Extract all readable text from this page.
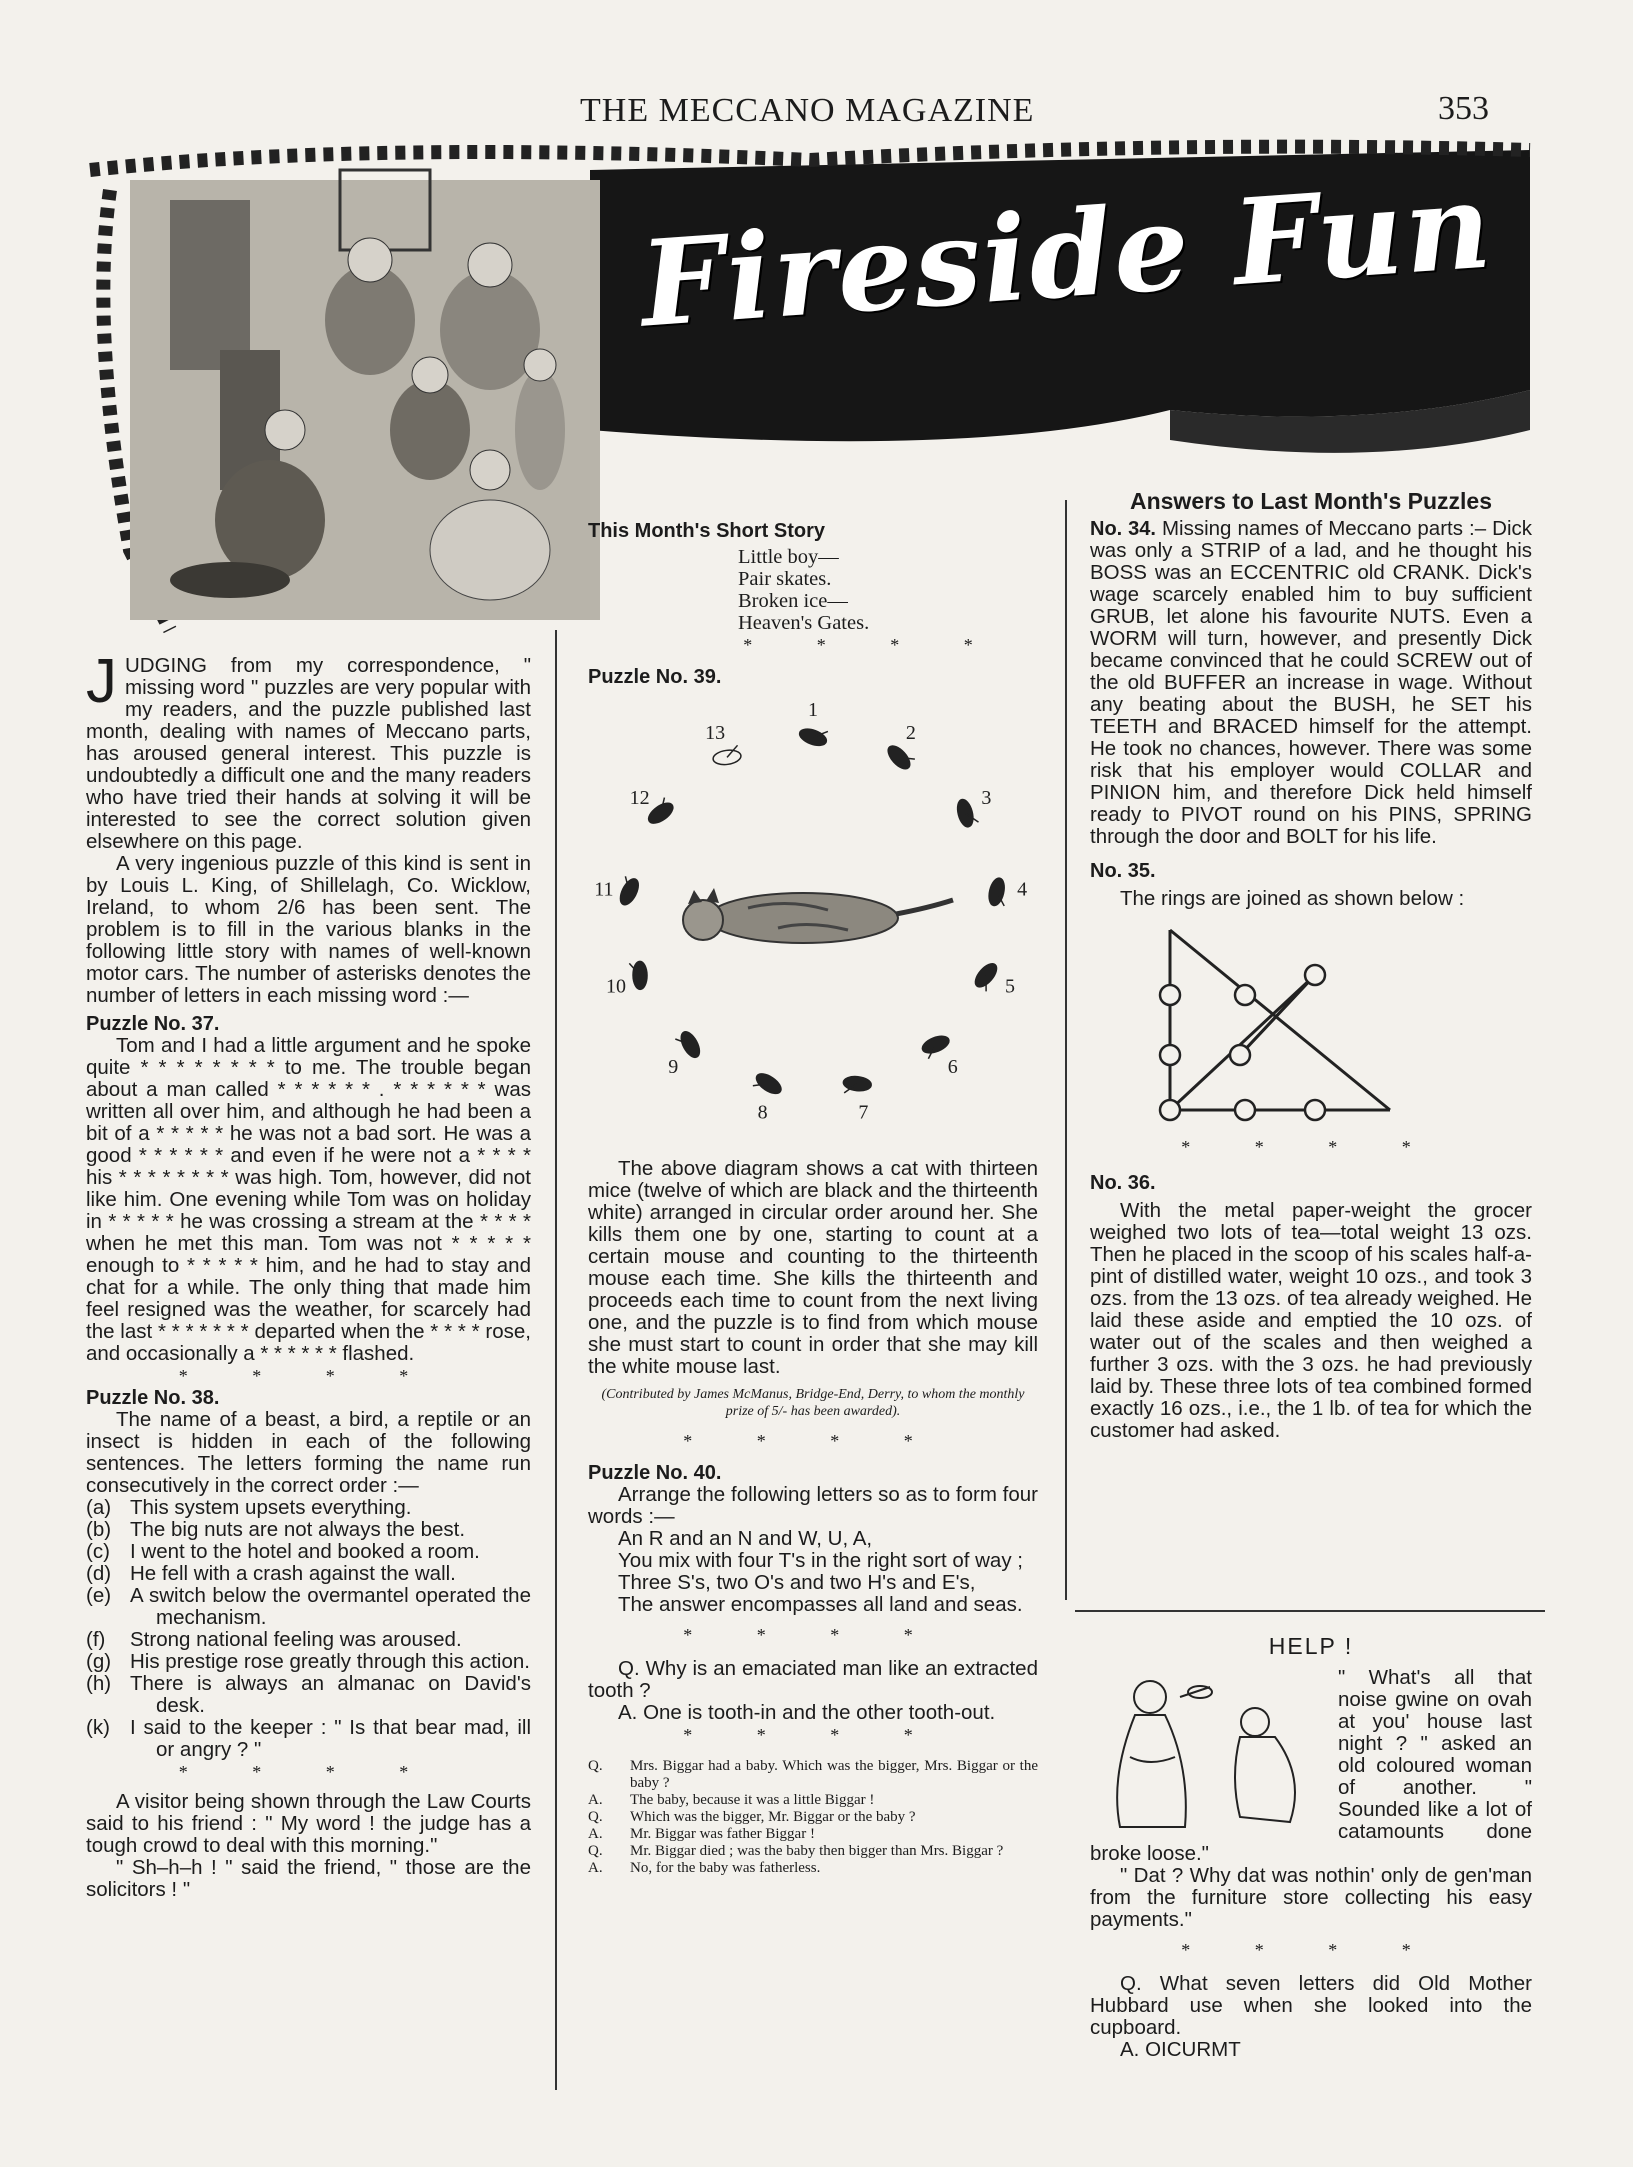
THE MECCANO MAGAZINE	353
Fireside Fun

JUDGING from my correspondence, " missing word " puzzles are very popular with my readers, and the puzzle published last month, dealing with names of Meccano parts, has aroused general interest. This puzzle is undoubtedly a difficult one and the many readers who have tried their hands at solving it will be interested to see the correct solution given elsewhere on this page.

A very ingenious puzzle of this kind is sent in by Louis L. King, of Shillelagh, Co. Wicklow, Ireland, to whom 2/6 has been sent. The problem is to fill in the various blanks in the following little story with names of well-known motor cars. The number of asterisks denotes the number of letters in each missing word :—

Puzzle No. 37.

Tom and I had a little argument and he spoke quite * * * * * * * * to me. The trouble began about a man called * * * * * * . * * * * * * was written all over him, and although he had been a bit of a * * * * * he was not a bad sort. He was a good * * * * * * and even if he were not a * * * * his * * * * * * * * was high. Tom, however, did not like him. One evening while Tom was on holiday in * * * * * he was crossing a stream at the * * * * when he met this man. Tom was not * * * * * enough to * * * * * him, and he had to stay and chat for a while. The only thing that made him feel resigned was the weather, for scarcely had the last * * * * * * * departed when the * * * * rose, and occasionally a * * * * * * flashed.

* * * *

Puzzle No. 38.

The name of a beast, a bird, a reptile or an insect is hidden in each of the following sentences. The letters forming the name run consecutively in the correct order :—

(a) This system upsets everything.

(b) The big nuts are not always the best.

(c) I went to the hotel and booked a room.

(d) He fell with a crash against the wall.

(e) A switch below the overmantel operated the mechanism.

(f) Strong national feeling was aroused.

(g) His prestige rose greatly through this action.

(h) There is always an almanac on David's desk.

(k) I said to the keeper : " Is that bear mad, ill or angry ? "

* * * *

A visitor being shown through the Law Courts said to his friend : " My word ! the judge has a tough crowd to deal with this morning."

" Sh–h–h ! " said the friend, " those are the solicitors ! "

This Month's Short Story

Little boy—

Pair skates.

Broken ice—

Heaven's Gates.

* * * *

Puzzle No. 39.

1
2
3
4
5
6
7
8
9
10
11
12
13

The above diagram shows a cat with thirteen mice (twelve of which are black and the thirteenth white) arranged in circular order around her. She kills them one by one, starting to count at a certain mouse and counting to the thirteenth mouse each time. She kills the thirteenth and proceeds each time to count from the next living one, and the puzzle is to find from which mouse she must start to count in order that she may kill the white mouse last.

(Contributed by James McManus, Bridge-End, Derry, to whom the monthly prize of 5/- has been awarded).

* * * *

Puzzle No. 40.

Arrange the following letters so as to form four words :—

An R and an N and W, U, A,

You mix with four T's in the right sort of way ;

Three S's, two O's and two H's and E's,

The answer encompasses all land and seas.

* * * *

Q. Why is an emaciated man like an extracted tooth ?

A. One is tooth-in and the other tooth-out.

* * * *

Q.	Mrs. Biggar had a baby. Which was the bigger, Mrs. Biggar or the baby ?
A.	The baby, because it was a little Biggar !
Q.	Which was the bigger, Mr. Biggar or the baby ?
A.	Mr. Biggar was father Biggar !
Q.	Mr. Biggar died ; was the baby then bigger than Mrs. Biggar ?
A.	No, for the baby was fatherless.

Answers to Last Month's Puzzles

No. 34. Missing names of Meccano parts :– Dick was only a STRIP of a lad, and he thought his BOSS was an ECCENTRIC old CRANK. Dick's wage scarcely enabled him to buy sufficient GRUB, let alone his favourite NUTS. Even a WORM will turn, however, and presently Dick became convinced that he could SCREW out of the old BUFFER an increase in wage. Without any beating about the BUSH, he SET his TEETH and BRACED himself for the attempt. He took no chances, however. There was some risk that his employer would COLLAR and PINION him, and therefore Dick held himself ready to PIVOT round on his PINS, SPRING through the door and BOLT for his life.

No. 35.

The rings are joined as shown below :

* * * *

No. 36.

With the metal paper-weight the grocer weighed two lots of tea—total weight 13 ozs. Then he placed in the scoop of his scales half-a-pint of distilled water, weight 10 ozs., and took 3 ozs. from the 13 ozs. of tea already weighed. He laid these aside and emptied the 10 ozs. of water out of the scales and then weighed a further 3 ozs. with the 3 ozs. he had previously laid by. These three lots of tea combined formed exactly 16 ozs., i.e., the 1 lb. of tea for which the customer had asked.

HELP !

" What's all that noise gwine on ovah at you' house last night ? " asked an old coloured woman of another. " Sounded like a lot of catamounts done broke loose."

" Dat ? Why dat was nothin' only de gen'man from the furniture store collecting his easy payments."

* * * *

Q. What seven letters did Old Mother Hubbard use when she looked into the cupboard.

A. OICURMT
